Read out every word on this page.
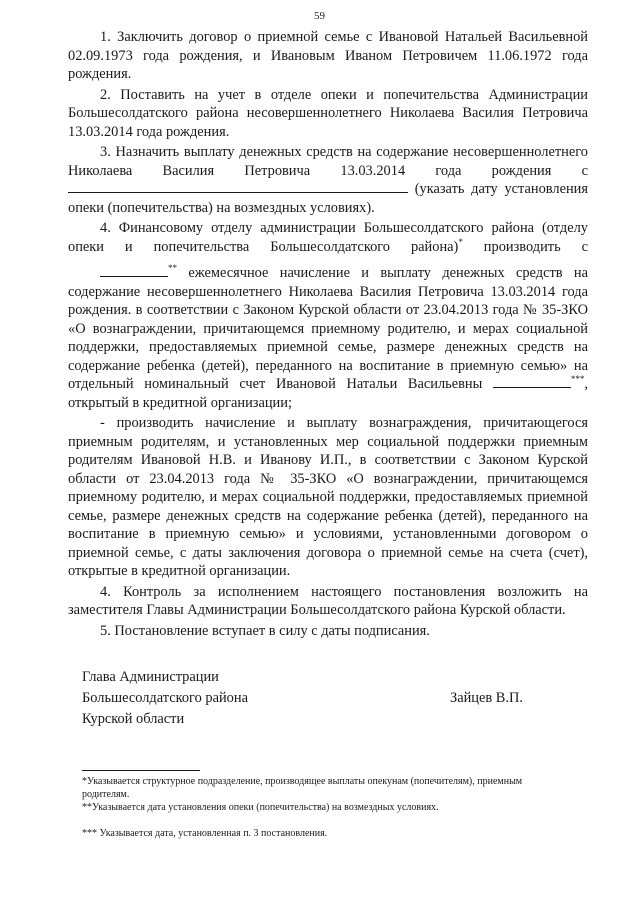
59

1. Заключить договор о приемной семье с Ивановой Натальей Васильевной 02.09.1973 года рождения, и Ивановым Иваном Петровичем 11.06.1972 года рождения.

2. Поставить на учет в отделе опеки и попечительства Администрации Большесолдатского района несовершеннолетнего Николаева Василия Петровича 13.03.2014 года рождения.

3. Назначить выплату денежных средств на содержание несовершеннолетнего Николаева Василия Петровича 13.03.2014 года рождения с  (указать дату установления опеки (попечительства) на возмездных условиях).

4. Финансовому отделу администрации Большесолдатского района (отделу опеки и попечительства Большесолдатского района)* производить с ** ежемесячное начисление и выплату денежных средств на содержание несовершеннолетнего Николаева Василия Петровича 13.03.2014 года рождения. в соответствии с Законом Курской области от 23.04.2013 года № 35-ЗКО «О вознаграждении, причитающемся приемному родителю, и мерах социальной поддержки, предоставляемых приемной семье, размере денежных средств на содержание ребенка (детей), переданного на воспитание в приемную семью» на отдельный номинальный счет Ивановой Натальи Васильевны	***, открытый в кредитной организации;

- производить начисление и выплату вознаграждения, причитающегося приемным родителям, и установленных мер социальной поддержки приемным родителям Ивановой Н.В. и Иванову И.П., в соответствии с Законом Курской области от 23.04.2013 года № 35-ЗКО «О вознаграждении, причитающемся приемному родителю, и мерах социальной поддержки, предоставляемых приемной семье, размере денежных средств на содержание ребенка (детей), переданного на воспитание в приемную семью» и условиями, установленными договором о приемной семье, с даты заключения договора о приемной семье на счета (счет), открытые в кредитной организации.

4. Контроль за исполнением настоящего постановления возложить на заместителя Главы Администрации Большесолдатского района Курской области.

5. Постановление вступает в силу с даты подписания.

Глава Администрации
Большесолдатского района
Курской области
Зайцев В.П.
*Указывается структурное подразделение, производящее выплаты опекунам (попечителям), приемным родителям.
**Указывается дата установления опеки (попечительства) на возмездных условиях.
*** Указывается дата, установленная п. 3 постановления.
